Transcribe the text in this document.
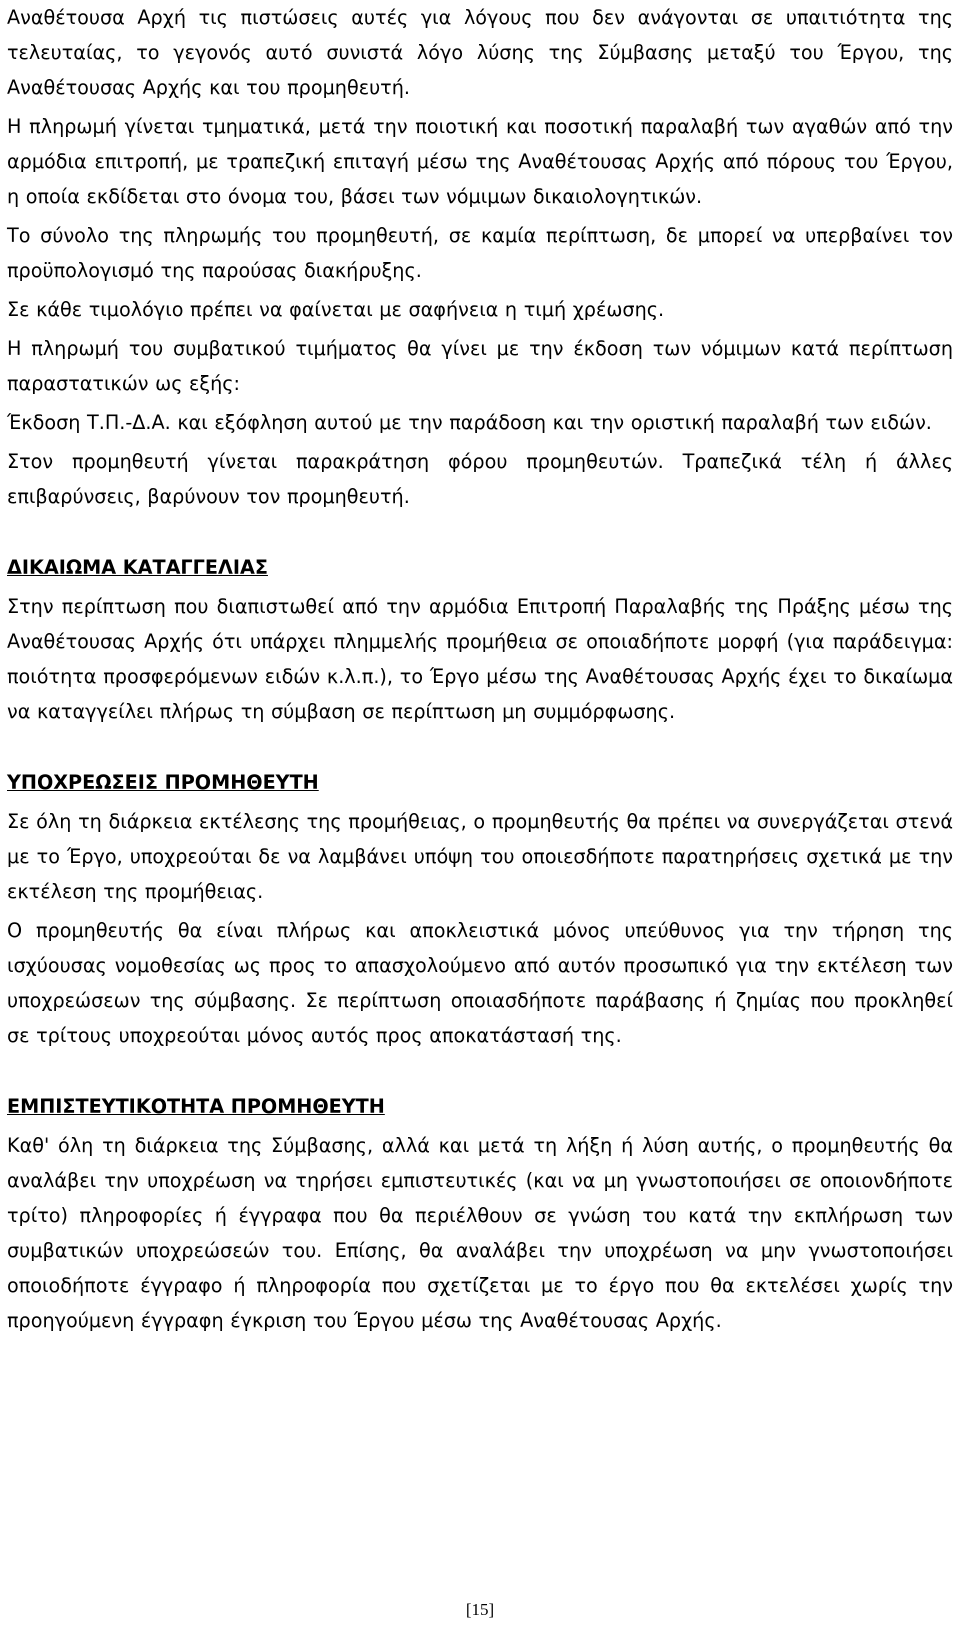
Αναθέτουσα Αρχή τις πιστώσεις αυτές για λόγους που δεν ανάγονται σε υπαιτιότητα της τελευταίας, το γεγονός αυτό συνιστά λόγο λύσης της Σύμβασης μεταξύ του Έργου, της Αναθέτουσας Αρχής και του προμηθευτή.

Η πληρωμή γίνεται τμηματικά, μετά την ποιοτική και ποσοτική παραλαβή των αγαθών από την αρμόδια επιτροπή, με τραπεζική επιταγή μέσω της Αναθέτουσας Αρχής από πόρους του Έργου, η οποία εκδίδεται στο όνομα του, βάσει των νόμιμων δικαιολογητικών.

Το σύνολο της πληρωμής του προμηθευτή, σε καμία περίπτωση, δε μπορεί να υπερβαίνει τον προϋπολογισμό της παρούσας διακήρυξης.

Σε κάθε τιμολόγιο πρέπει να φαίνεται με σαφήνεια η τιμή χρέωσης.

Η πληρωμή του συμβατικού τιμήματος θα γίνει με την έκδοση των νόμιμων κατά περίπτωση παραστατικών ως εξής:

Έκδοση Τ.Π.-Δ.Α. και εξόφληση αυτού με την παράδοση και την οριστική παραλαβή των ειδών.

Στον προμηθευτή γίνεται παρακράτηση φόρου προμηθευτών. Τραπεζικά τέλη ή άλλες επιβαρύνσεις, βαρύνουν τον προμηθευτή.

ΔΙΚΑΙΩΜΑ ΚΑΤΑΓΓΕΛΙΑΣ

Στην περίπτωση που διαπιστωθεί από την αρμόδια Επιτροπή Παραλαβής της Πράξης μέσω της Αναθέτουσας Αρχής ότι υπάρχει πλημμελής προμήθεια σε οποιαδήποτε μορφή (για παράδειγμα: ποιότητα προσφερόμενων ειδών κ.λ.π.), το Έργο μέσω της Αναθέτουσας Αρχής έχει το δικαίωμα να καταγγείλει πλήρως τη σύμβαση σε περίπτωση μη συμμόρφωσης.

ΥΠΟΧΡΕΩΣΕΙΣ ΠΡΟΜΗΘΕΥΤΗ

Σε όλη τη διάρκεια εκτέλεσης της προμήθειας, ο προμηθευτής θα πρέπει να συνεργάζεται στενά με το Έργο, υποχρεούται δε να λαμβάνει υπόψη του οποιεσδήποτε παρατηρήσεις σχετικά με την εκτέλεση της προμήθειας.

Ο προμηθευτής θα είναι πλήρως και αποκλειστικά μόνος υπεύθυνος για την τήρηση της ισχύουσας νομοθεσίας ως προς το απασχολούμενο από αυτόν προσωπικό για την εκτέλεση των υποχρεώσεων της σύμβασης. Σε περίπτωση οποιασδήποτε παράβασης ή ζημίας που προκληθεί σε τρίτους υποχρεούται μόνος αυτός προς αποκατάστασή της.

ΕΜΠΙΣΤΕΥΤΙΚΟΤΗΤΑ ΠΡΟΜΗΘΕΥΤΗ

Καθ' όλη τη διάρκεια της Σύμβασης, αλλά και μετά τη λήξη ή λύση αυτής, ο προμηθευτής θα αναλάβει την υποχρέωση να τηρήσει εμπιστευτικές (και να μη γνωστοποιήσει σε οποιονδήποτε τρίτο) πληροφορίες ή έγγραφα που θα περιέλθουν σε γνώση του κατά την εκπλήρωση των συμβατικών υποχρεώσεών του. Επίσης, θα αναλάβει την υποχρέωση να μην γνωστοποιήσει οποιοδήποτε έγγραφο ή πληροφορία που σχετίζεται με το έργο που θα εκτελέσει χωρίς την προηγούμενη έγγραφη έγκριση του Έργου μέσω της Αναθέτουσας Αρχής.

[15]
